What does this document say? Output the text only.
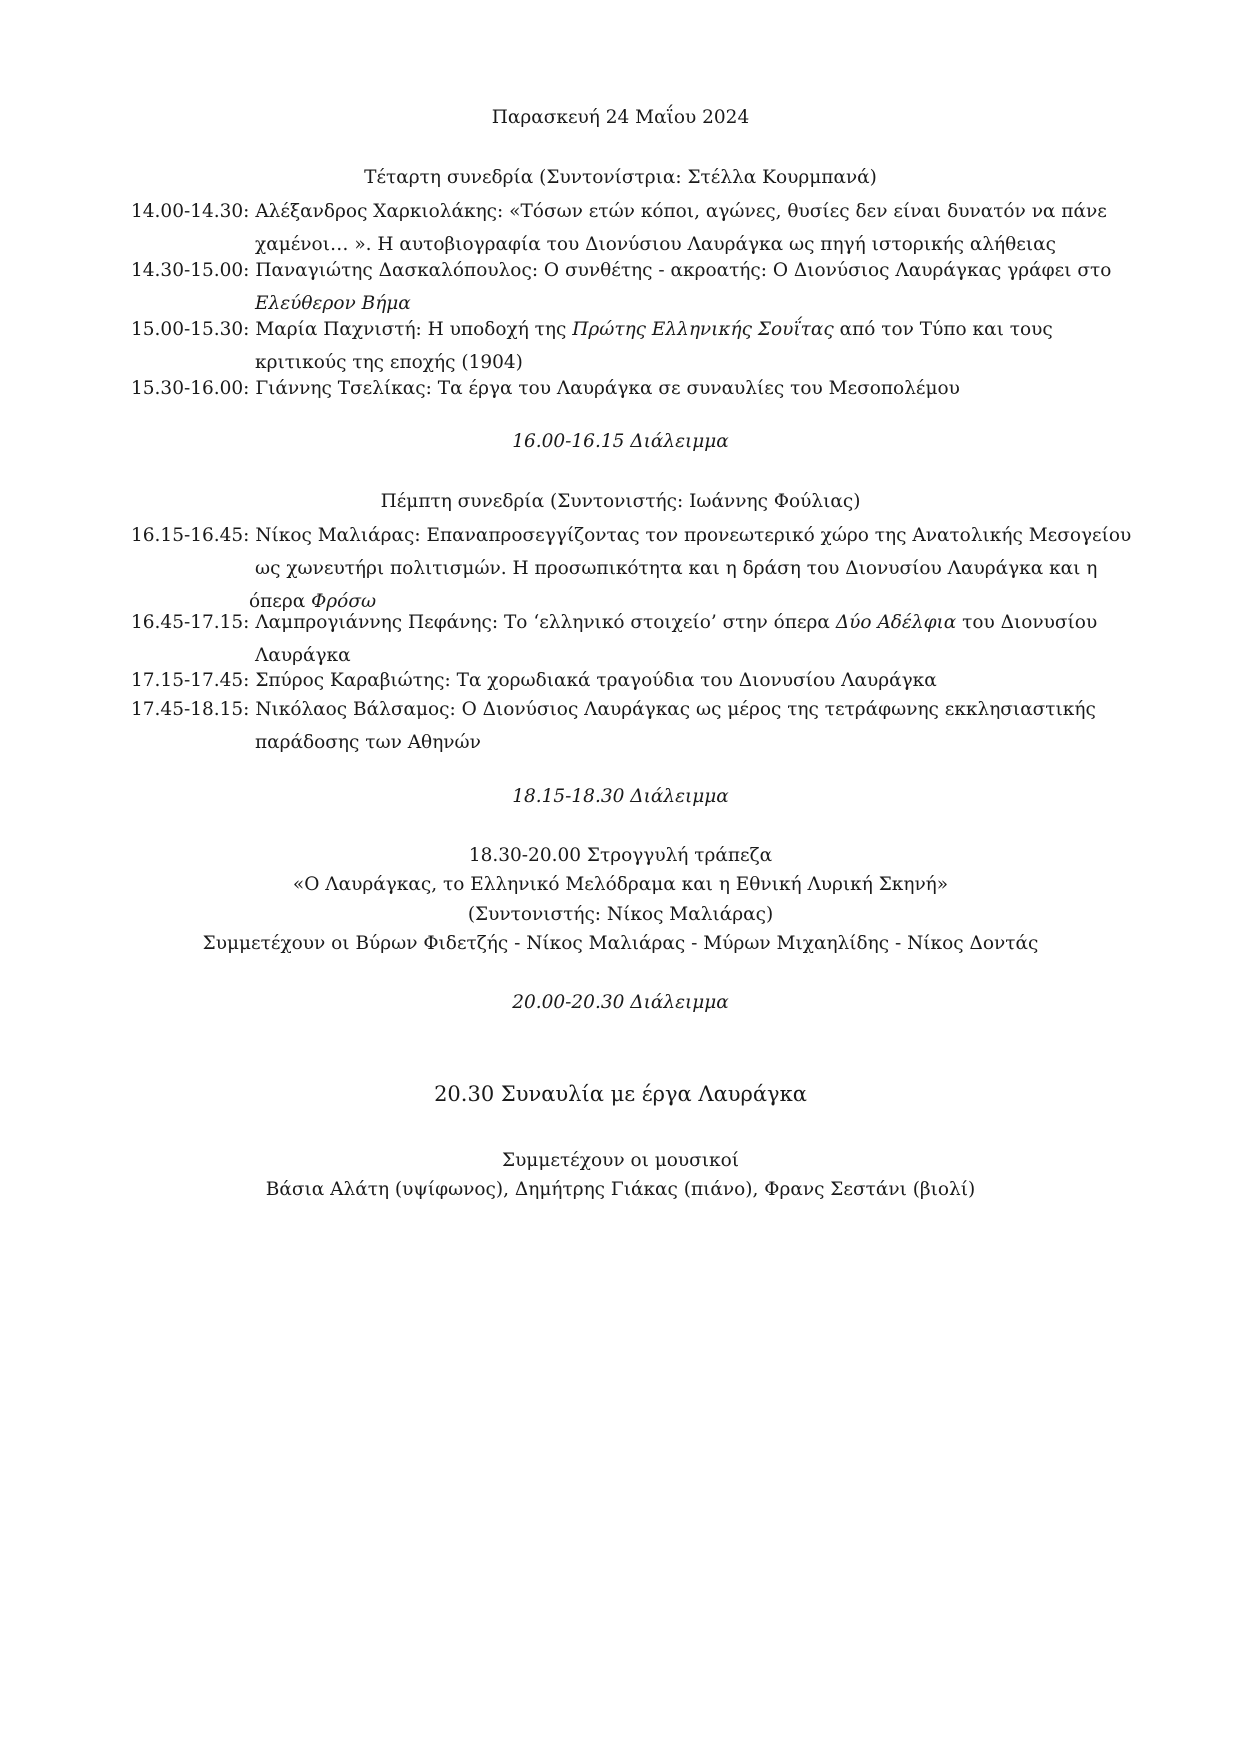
Παρασκευή 24 Μαΐου 2024
Τέταρτη συνεδρία (Συντονίστρια: Στέλλα Κουρμπανά)
14.00-14.30: Αλέξανδρος Χαρκιολάκης: «Τόσων ετών κόποι, αγώνες, θυσίες δεν είναι δυνατόν να πάνε
χαμένοι… ». Η αυτοβιογραφία του Διονύσιου Λαυράγκα ως πηγή ιστορικής αλήθειας
14.30-15.00: Παναγιώτης Δασκαλόπουλος: Ο συνθέτης - ακροατής: Ο Διονύσιος Λαυράγκας γράφει στο
Ελεύθερον Βήμα
15.00-15.30: Μαρία Παχνιστή: Η υποδοχή της Πρώτης Ελληνικής Σουΐτας από τον Τύπο και τους
κριτικούς της εποχής (1904)
15.30-16.00: Γιάννης Τσελίκας: Τα έργα του Λαυράγκα σε συναυλίες του Μεσοπολέμου
16.00-16.15 Διάλειμμα
Πέμπτη συνεδρία (Συντονιστής: Ιωάννης Φούλιας)
16.15-16.45: Νίκος Μαλιάρας: Επαναπροσεγγίζοντας τον προνεωτερικό χώρο της Ανατολικής Μεσογείου
ως χωνευτήρι πολιτισμών. Η προσωπικότητα και η δράση του Διονυσίου Λαυράγκα και η
όπερα Φρόσω
16.45-17.15: Λαμπρογιάννης Πεφάνης: Το ‘ελληνικό στοιχείο’ στην όπερα Δύο Αδέλφια του Διονυσίου
Λαυράγκα
17.15-17.45: Σπύρος Καραβιώτης: Τα χορωδιακά τραγούδια του Διονυσίου Λαυράγκα
17.45-18.15: Νικόλαος Βάλσαμος: Ο Διονύσιος Λαυράγκας ως μέρος της τετράφωνης εκκλησιαστικής
παράδοσης των Αθηνών
18.15-18.30 Διάλειμμα
18.30-20.00 Στρογγυλή τράπεζα
«Ο Λαυράγκας, το Ελληνικό Μελόδραμα και η Εθνική Λυρική Σκηνή»
(Συντονιστής: Νίκος Μαλιάρας)
Συμμετέχουν οι Βύρων Φιδετζής - Νίκος Μαλιάρας - Μύρων Μιχαηλίδης - Νίκος Δοντάς
20.00-20.30 Διάλειμμα
20.30 Συναυλία με έργα Λαυράγκα
Συμμετέχουν οι μουσικοί
Βάσια Αλάτη (υψίφωνος), Δημήτρης Γιάκας (πιάνο), Φρανς Σεστάνι (βιολί)
